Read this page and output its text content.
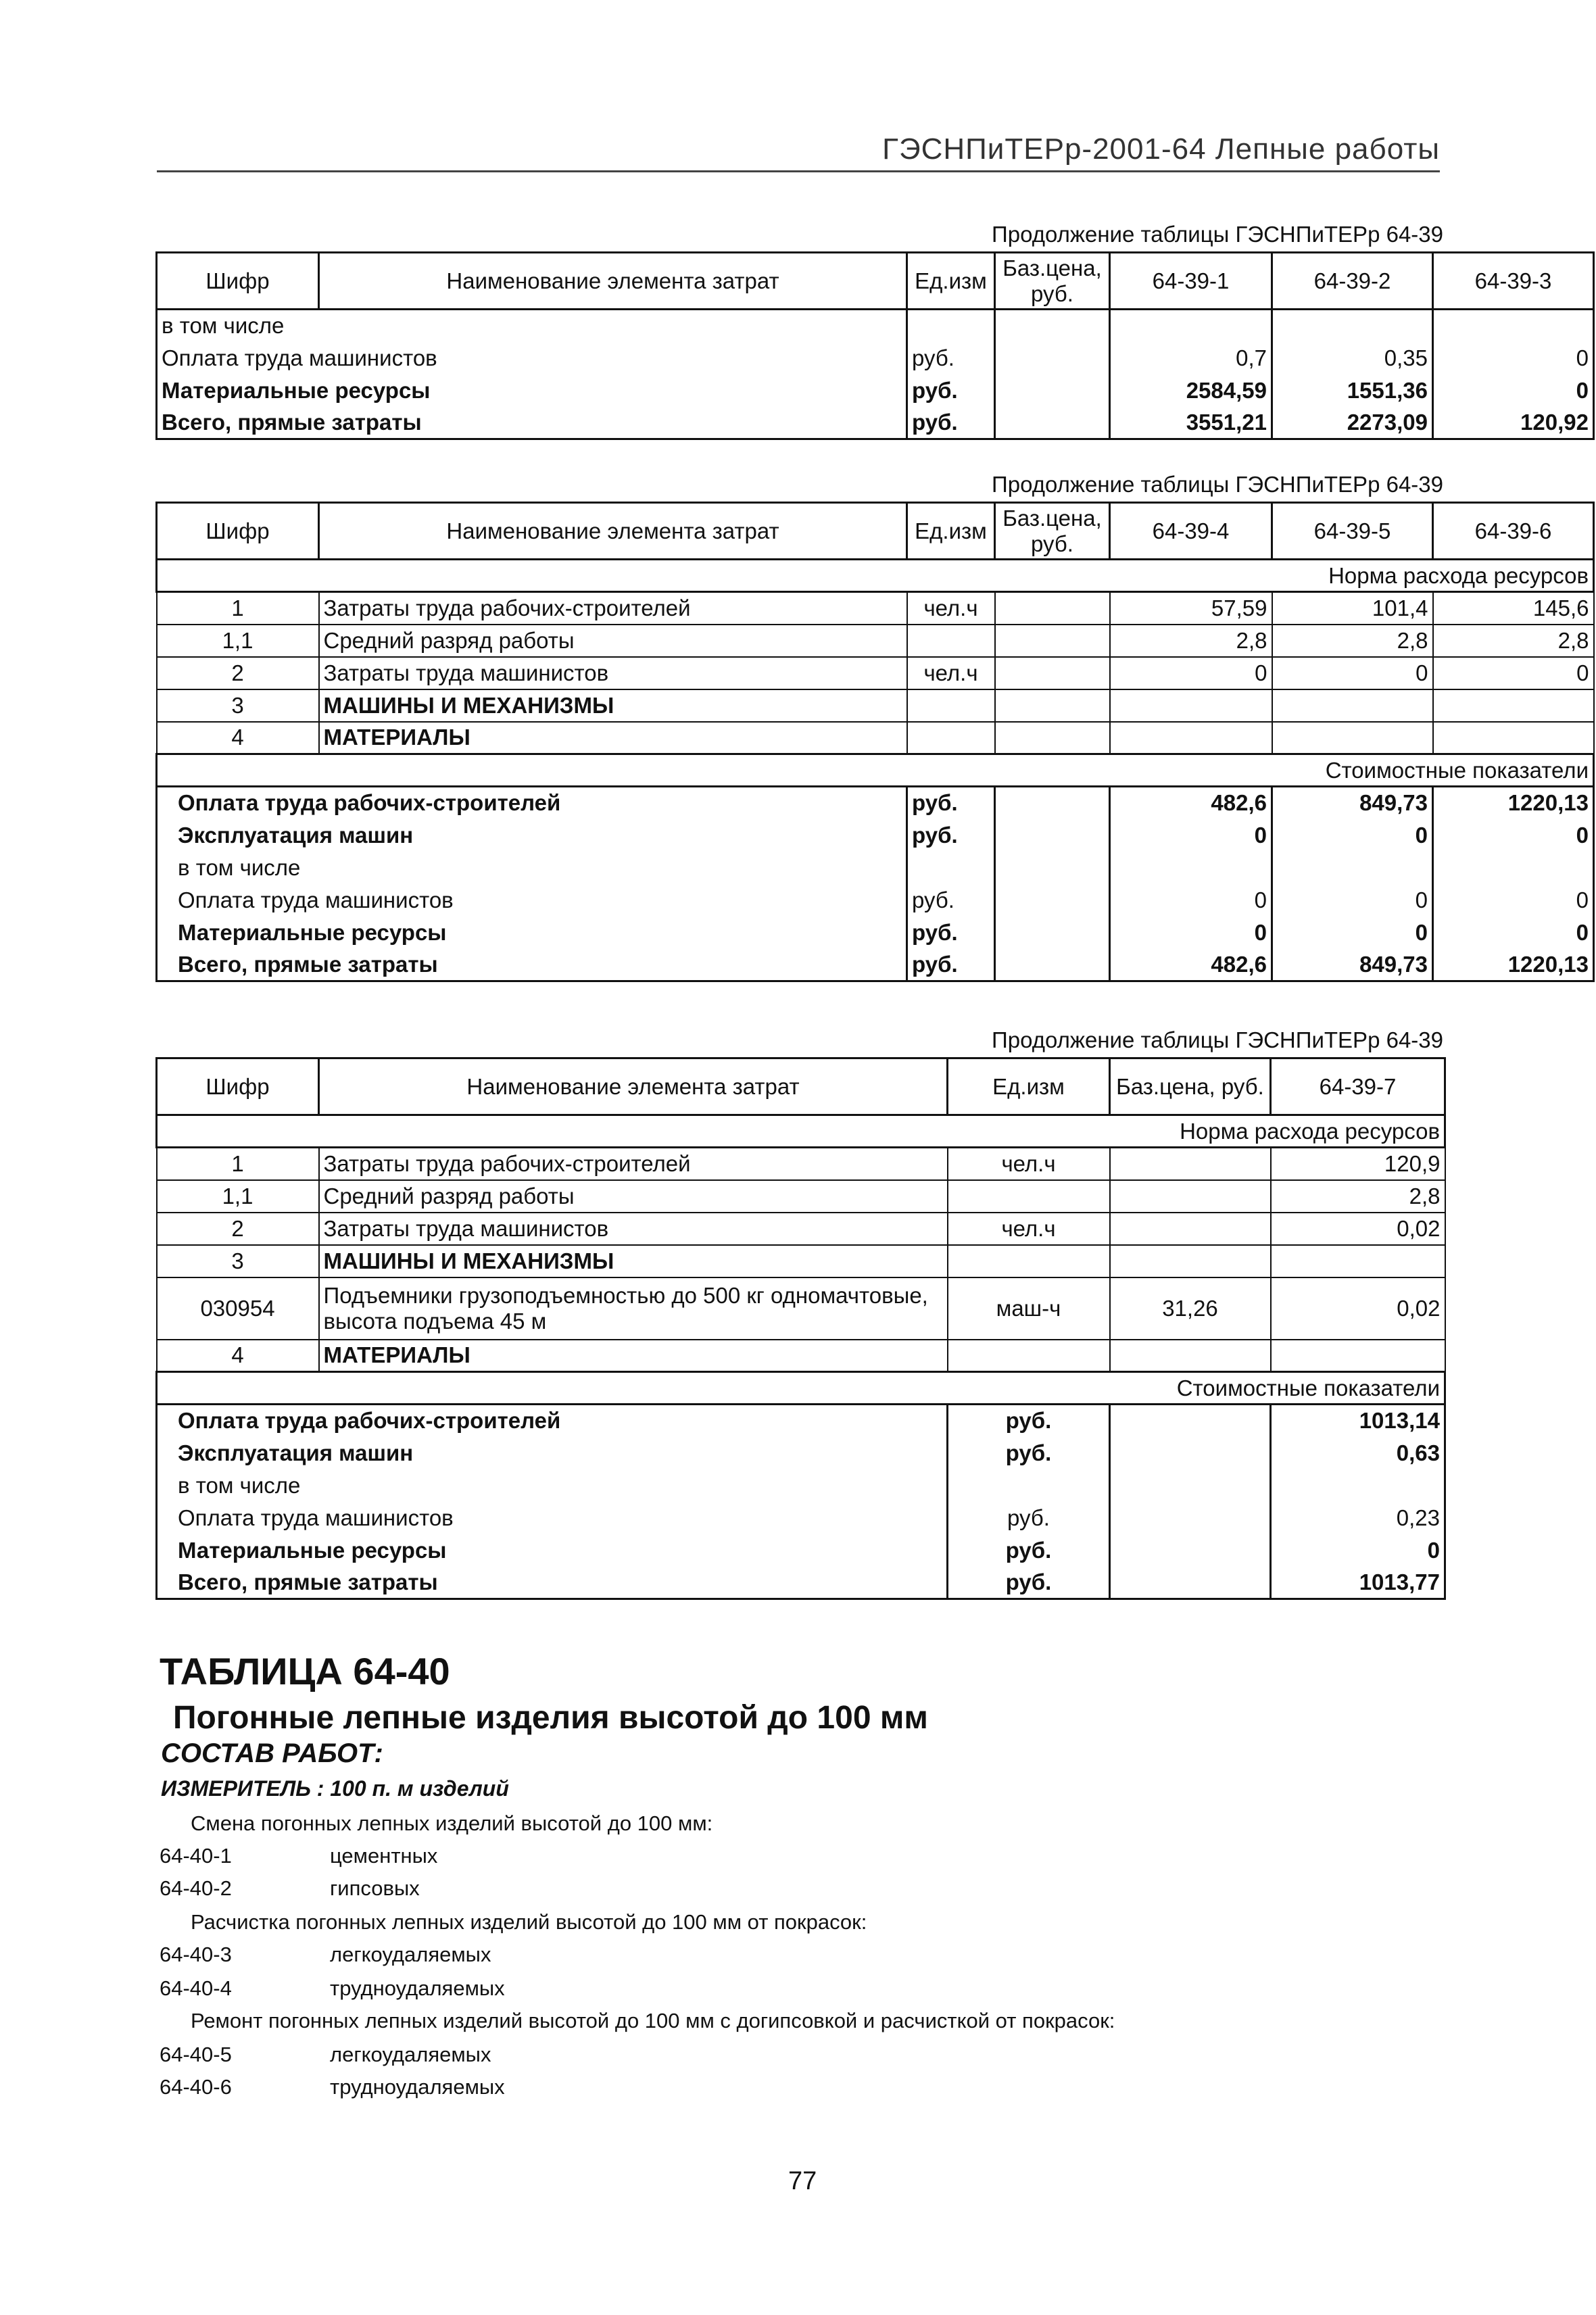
ГЭСНПиТЕРр-2001-64 Лепные работы
Продолжение таблицы ГЭСНПиТЕРр 64-39
Шифр	Наименование элемента затрат	Ед.изм	Баз.цена, руб.	64-39-1	64-39-2	64-39-3
в том числе						
Оплата труда машинистов		руб.		0,7	0,35	0
Материальные ресурсы		руб.		2584,59	1551,36	0
Всего, прямые затраты		руб.		3551,21	2273,09	120,92
Продолжение таблицы ГЭСНПиТЕРр 64-39
Шифр	Наименование элемента затрат	Ед.изм	Баз.цена, руб.	64-39-4	64-39-5	64-39-6
Норма расхода ресурсов						
1	Затраты труда рабочих-строителей	чел.ч		57,59	101,4	145,6
1,1	Средний разряд работы			2,8	2,8	2,8
2	Затраты труда машинистов	чел.ч		0	0	0
3	МАШИНЫ И МЕХАНИЗМЫ					
4	МАТЕРИАЛЫ					
Стоимостные показатели						
Оплата труда рабочих-строителей		руб.		482,6	849,73	1220,13
Эксплуатация машин		руб.		0	0	0
в том числе						
Оплата труда машинистов		руб.		0	0	0
Материальные ресурсы		руб.		0	0	0
Всего, прямые затраты		руб.		482,6	849,73	1220,13
Продолжение таблицы ГЭСНПиТЕРр 64-39
Шифр	Наименование элемента затрат	Ед.изм	Баз.цена, руб.	64-39-7
Норма расхода ресурсов				
1	Затраты труда рабочих-строителей	чел.ч		120,9
1,1	Средний разряд работы			2,8
2	Затраты труда машинистов	чел.ч		0,02
3	МАШИНЫ И МЕХАНИЗМЫ			
030954	Подъемники грузоподъемностью до 500 кг одномачтовые, высота подъема 45 м	маш-ч	31,26	0,02
4	МАТЕРИАЛЫ			
Стоимостные показатели				
Оплата труда рабочих-строителей		руб.		1013,14
Эксплуатация машин		руб.		0,63
в том числе				
Оплата труда машинистов		руб.		0,23
Материальные ресурсы		руб.		0
Всего, прямые затраты		руб.		1013,77
ТАБЛИЦА 64-40
Погонные лепные изделия высотой до 100 мм
СОСТАВ РАБОТ:
ИЗМЕРИТЕЛЬ : 100 п. м изделий
Смена погонных лепных изделий высотой до 100 мм:
64-40-1	цементных
64-40-2	гипсовых
Расчистка погонных лепных изделий высотой до 100 мм от покрасок:
64-40-3	легкоудаляемых
64-40-4	трудноудаляемых
Ремонт погонных лепных изделий высотой до 100 мм с догипсовкой и расчисткой от покрасок:
64-40-5	легкоудаляемых
64-40-6	трудноудаляемых
77
